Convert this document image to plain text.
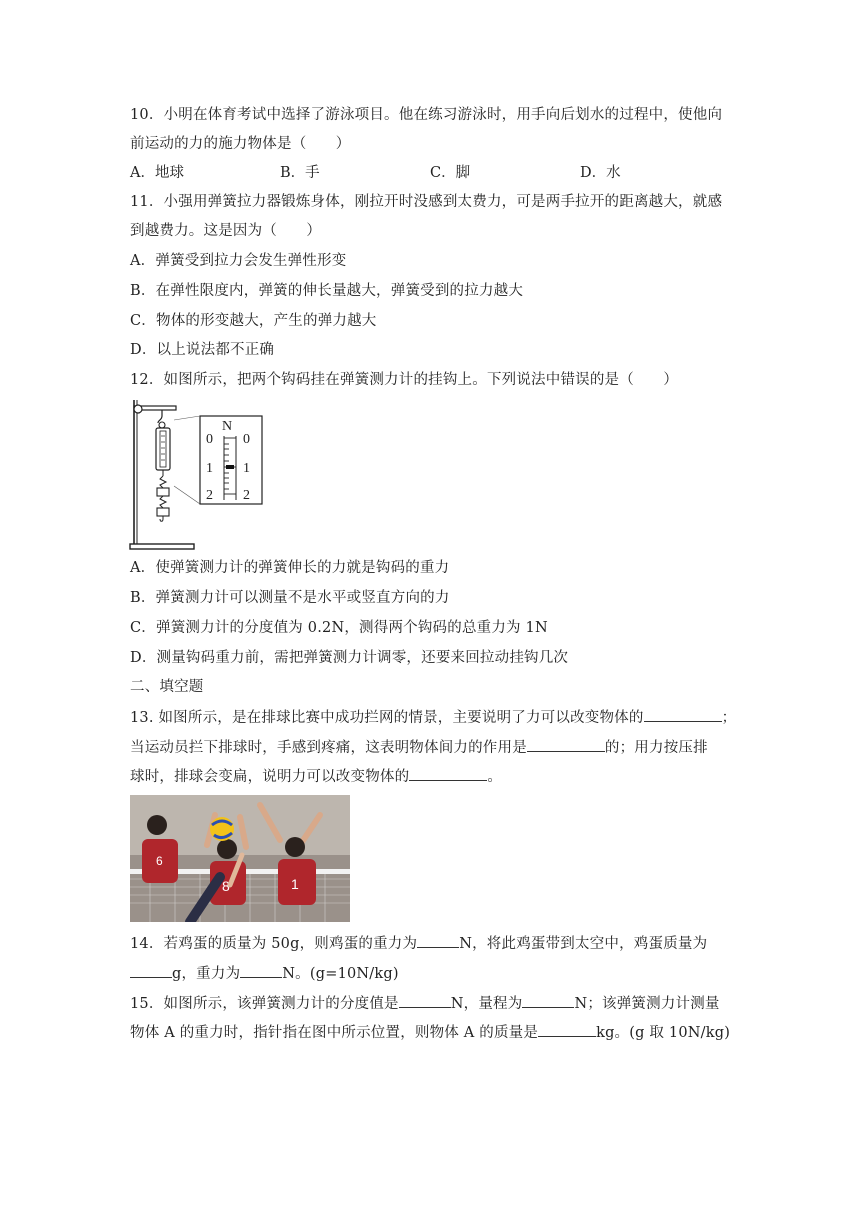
10．小明在体育考试中选择了游泳项目。他在练习游泳时，用手向后划水的过程中，使他向
前运动的力的施力物体是（　　）
A．地球	B．手	C．脚	D．水
11．小强用弹簧拉力器锻炼身体，刚拉开时没感到太费力，可是两手拉开的距离越大，就感
到越费力。这是因为（　　）
A．弹簧受到拉力会发生弹性形变
B．在弹性限度内，弹簧的伸长量越大，弹簧受到的拉力越大
C．物体的形变越大，产生的弹力越大
D．以上说法都不正确
12．如图所示，把两个钩码挂在弹簧测力计的挂钩上。下列说法中错误的是（　　）
N
0
1
2
0
1
2
A．使弹簧测力计的弹簧伸长的力就是钩码的重力
B．弹簧测力计可以测量不是水平或竖直方向的力
C．弹簧测力计的分度值为 0.2N，测得两个钩码的总重力为 1N
D．测量钩码重力前，需把弹簧测力计调零，还要来回拉动挂钩几次
二、填空题
13. 如图所示，是在排球比赛中成功拦网的情景，主要说明了力可以改变物体的	；
当运动员拦下排球时，手感到疼痛，这表明物体间力的作用是	的；用力按压排
球时，排球会变扁，说明力可以改变物体的	。
6
8	1
14．若鸡蛋的质量为 50g，则鸡蛋的重力为	N，将此鸡蛋带到太空中，鸡蛋质量为
g，重力为	N。(g=10N/kg)
15．如图所示，该弹簧测力计的分度值是	N，量程为	N；该弹簧测力计测量
物体 A 的重力时，指针指在图中所示位置，则物体 A 的质量是	kg。(g 取 10N/kg)
